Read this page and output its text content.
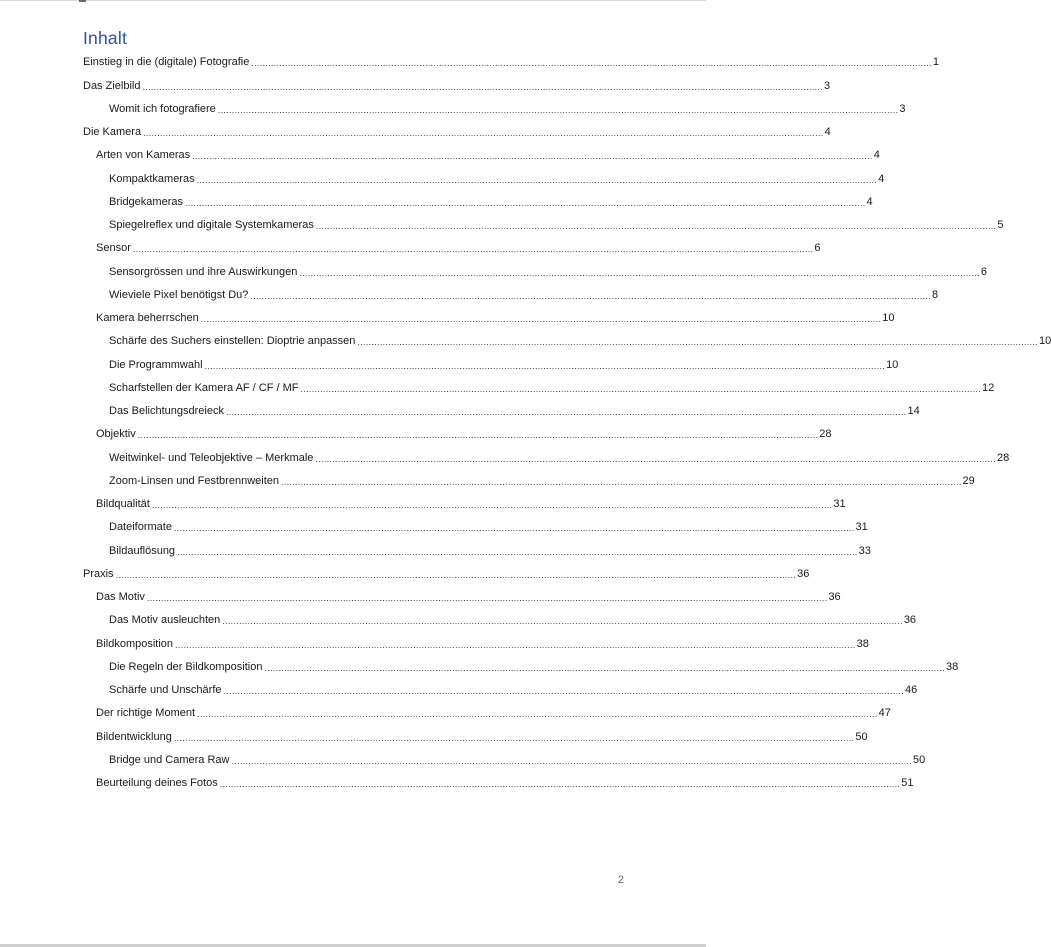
Inhalt
Einstieg in die (digitale) Fotografie ................................................................................................................................................................................................................................................... 1
Das Zielbild ................................................................................................................................................................................................................................................... 3
Womit ich fotografiere ................................................................................................................................................................................................................................................... 3
Die Kamera ................................................................................................................................................................................................................................................... 4
Arten von Kameras ................................................................................................................................................................................................................................................... 4
Kompaktkameras ................................................................................................................................................................................................................................................... 4
Bridgekameras ................................................................................................................................................................................................................................................... 4
Spiegelreflex und digitale Systemkameras ................................................................................................................................................................................................................................................... 5
Sensor ................................................................................................................................................................................................................................................... 6
Sensorgrössen und ihre Auswirkungen ................................................................................................................................................................................................................................................... 6
Wieviele Pixel benötigst Du? ................................................................................................................................................................................................................................................... 8
Kamera beherrschen ................................................................................................................................................................................................................................................... 10
Schärfe des Suchers einstellen: Dioptrie anpassen ................................................................................................................................................................................................................................................... 10
Die Programmwahl ................................................................................................................................................................................................................................................... 10
Scharfstellen der Kamera AF / CF / MF ................................................................................................................................................................................................................................................... 12
Das Belichtungsdreieck ................................................................................................................................................................................................................................................... 14
Objektiv ................................................................................................................................................................................................................................................... 28
Weitwinkel- und Teleobjektive – Merkmale ................................................................................................................................................................................................................................................... 28
Zoom-Linsen und Festbrennweiten ................................................................................................................................................................................................................................................... 29
Bildqualität ................................................................................................................................................................................................................................................... 31
Dateiformate ................................................................................................................................................................................................................................................... 31
Bildauflösung ................................................................................................................................................................................................................................................... 33
Praxis ................................................................................................................................................................................................................................................... 36
Das Motiv ................................................................................................................................................................................................................................................... 36
Das Motiv ausleuchten ................................................................................................................................................................................................................................................... 36
Bildkomposition ................................................................................................................................................................................................................................................... 38
Die Regeln der Bildkomposition ................................................................................................................................................................................................................................................... 38
Schärfe und Unschärfe ................................................................................................................................................................................................................................................... 46
Der richtige Moment ................................................................................................................................................................................................................................................... 47
Bildentwicklung ................................................................................................................................................................................................................................................... 50
Bridge und Camera Raw ................................................................................................................................................................................................................................................... 50
Beurteilung deines Fotos ................................................................................................................................................................................................................................................... 51
2
